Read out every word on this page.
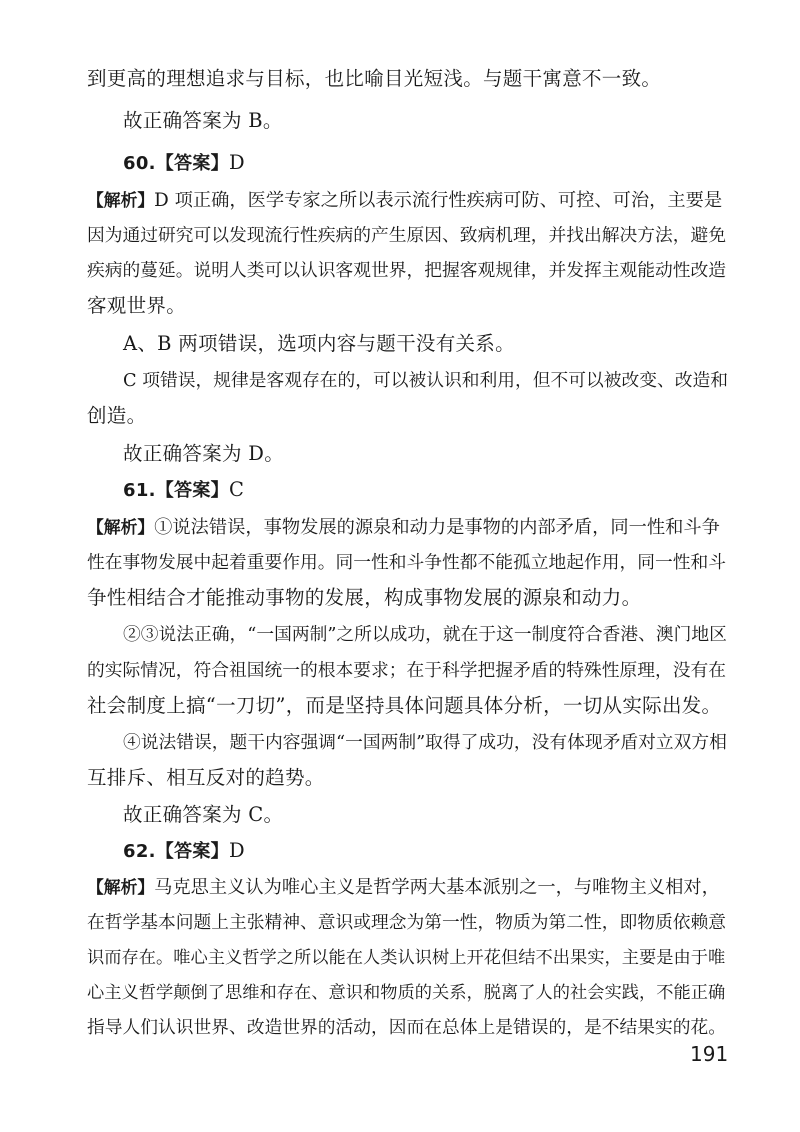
到更高的理想追求与目标，也比喻目光短浅。与题干寓意不一致。
故正确答案为 B。
60.【答案】D
【解析】D 项正确，医学专家之所以表示流行性疾病可防、可控、可治，主要是
因为通过研究可以发现流行性疾病的产生原因、致病机理，并找出解决方法，避免
疾病的蔓延。说明人类可以认识客观世界，把握客观规律，并发挥主观能动性改造
客观世界。
A、B 两项错误，选项内容与题干没有关系。
C 项错误，规律是客观存在的，可以被认识和利用，但不可以被改变、改造和
创造。
故正确答案为 D。
61.【答案】C
【解析】①说法错误，事物发展的源泉和动力是事物的内部矛盾，同一性和斗争
性在事物发展中起着重要作用。同一性和斗争性都不能孤立地起作用，同一性和斗
争性相结合才能推动事物的发展，构成事物发展的源泉和动力。
②③说法正确，“一国两制”之所以成功，就在于这一制度符合香港、澳门地区
的实际情况，符合祖国统一的根本要求；在于科学把握矛盾的特殊性原理，没有在
社会制度上搞“一刀切”，而是坚持具体问题具体分析，一切从实际出发。
④说法错误，题干内容强调“一国两制”取得了成功，没有体现矛盾对立双方相
互排斥、相互反对的趋势。
故正确答案为 C。
62.【答案】D
【解析】马克思主义认为唯心主义是哲学两大基本派别之一，与唯物主义相对，
在哲学基本问题上主张精神、意识或理念为第一性，物质为第二性，即物质依赖意
识而存在。唯心主义哲学之所以能在人类认识树上开花但结不出果实，主要是由于唯
心主义哲学颠倒了思维和存在、意识和物质的关系，脱离了人的社会实践，不能正确
指导人们认识世界、改造世界的活动，因而在总体上是错误的，是不结果实的花。
191
